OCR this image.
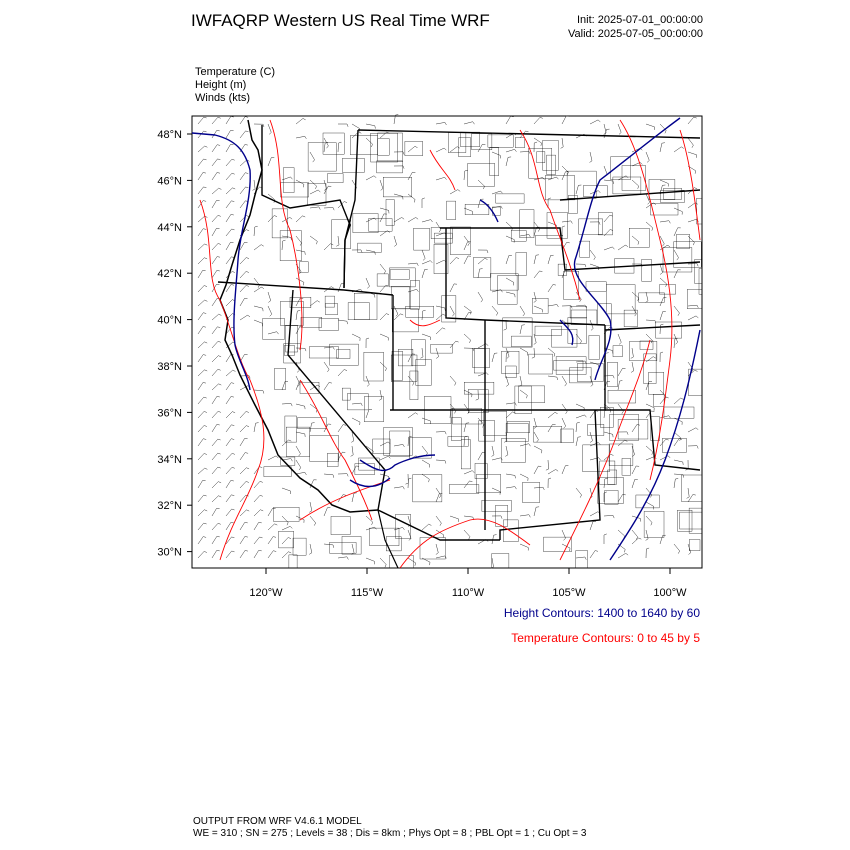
IWFAQRP Western US Real Time WRF	Init: 2025-07-01_00:00:00
Valid: 2025-07-05_00:00:00
Temperature (C)
Height (m)
Winds (kts)
48°N
46°N
44°N
42°N
40°N
38°N
36°N
34°N
32°N
30°N
120°W	115°W	110°W	105°W	100°W
Height Contours: 1400 to 1640 by 60
Temperature Contours: 0 to 45 by 5
OUTPUT FROM WRF V4.6.1 MODEL
WE = 310 ; SN = 275 ; Levels = 38 ; Dis = 8km ; Phys Opt = 8 ; PBL Opt = 1 ; Cu Opt = 3
